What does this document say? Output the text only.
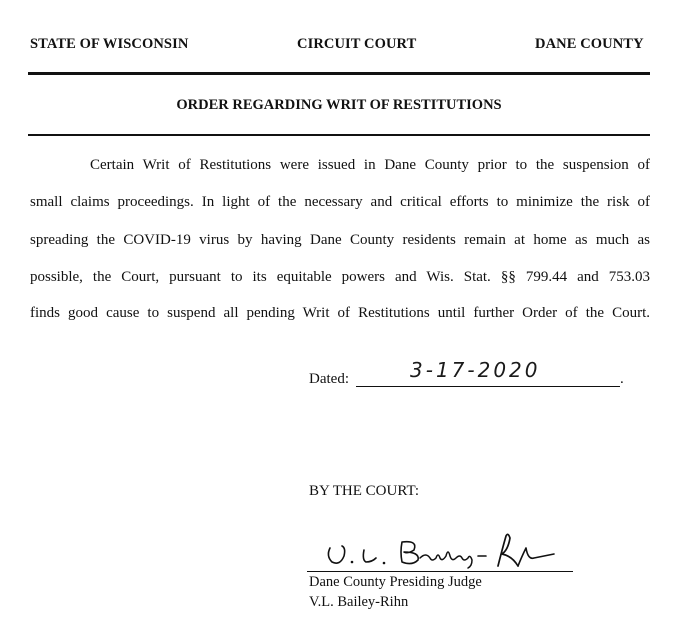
STATE OF WISCONSIN	CIRCUIT COURT	DANE COUNTY
ORDER REGARDING WRIT OF RESTITUTIONS
Certain Writ of Restitutions were issued in Dane County prior to the suspension of
small claims proceedings. In light of the necessary and critical efforts to minimize the risk of
spreading the COVID-19 virus by having Dane County residents remain at home as much as
possible, the Court, pursuant to its equitable powers and Wis. Stat. §§ 799.44 and 753.03
finds good cause to suspend all pending Writ of Restitutions until further Order of the Court.
Dated:	3-17-2020	.
BY THE COURT:
Dane County Presiding Judge
V.L. Bailey-Rihn
